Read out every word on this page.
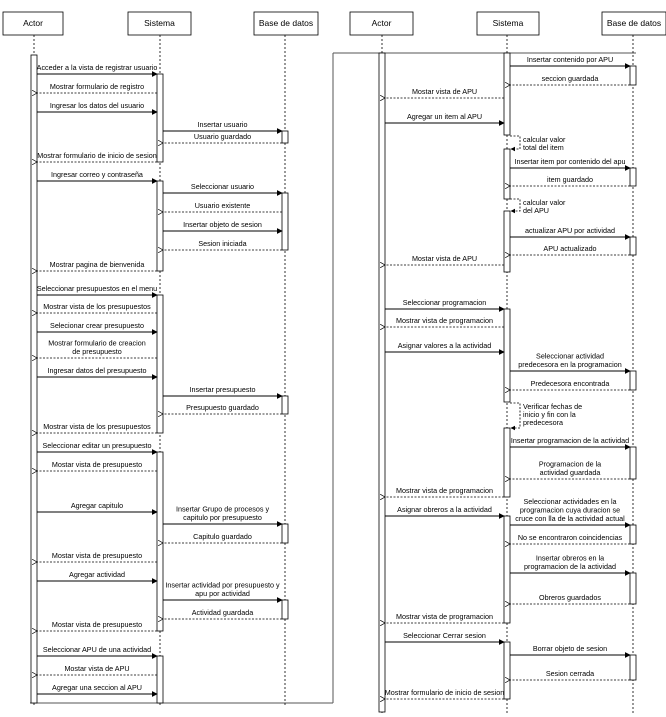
Actor	Sistema	Base de datos
Acceder a la vista de registrar usuario
Mostrar formulario de registro
Ingresar los datos del usuario
Insertar usuario
Usuario guardado
Mostrar formulario de inicio de sesion
Ingresar correo y contraseña
Seleccionar usuario
Usuario existente
Insertar objeto de sesion
Sesion iniciada
Mostrar pagina de bienvenida
Seleccionar presupuestos en el menu
Mostrar vista de los presupuestos
Selecionar crear presupuesto
Mostrar formulario de creacion de presupuesto
Ingresar datos del presupuesto
Insertar presupuesto
Presupuesto guardado
Mostrar vista de los presupuestos
Seleccionar editar un presupuesto
Mostar vista de presupuesto
Agregar capitulo	Insertar Grupo de procesos y capitulo por presupuesto
Capitulo guardado
Mostar vista de presupuesto
Agregar actividad
Insertar actividad por presupuesto y apu por actividad
Actividad guardada
Mostar vista de presupuesto
Seleccionar APU de una actividad
Mostar vista de APU
Agregar una seccion al APU
Actor	Sistema	Base de datos
Insertar contenido por APU
seccion guardada
Mostar vista de APU
Agregar un item al APU
calcular valor total del item
Insertar item por contenido del apu
item guardado
calcular valor del APU
actualizar APU por actividad
APU actualizado
Mostar vista de APU
Seleccionar programacion
Mostrar vista de programacion
Asignar valores a la actividad
Seleccionar actividad predecesora en la programacion
Predecesora encontrada
Verificar fechas de inicio y fin con la predecesora
Insertar programacion de la actividad
Programacion de la actividad guardada
Mostrar vista de programacion
Asignar obreros a la actividad
Seleccionar actividades en la programacion cuya duracion se cruce con lla de la actividad actual
No se encontraron coincidencias
Insertar obreros en la programacion de la actividad
Obreros guardados
Mostrar vista de programacion
Seleccionar Cerrar sesion
Borrar objeto de sesion
Sesion cerrada
Mostrar formulario de inicio de sesion
